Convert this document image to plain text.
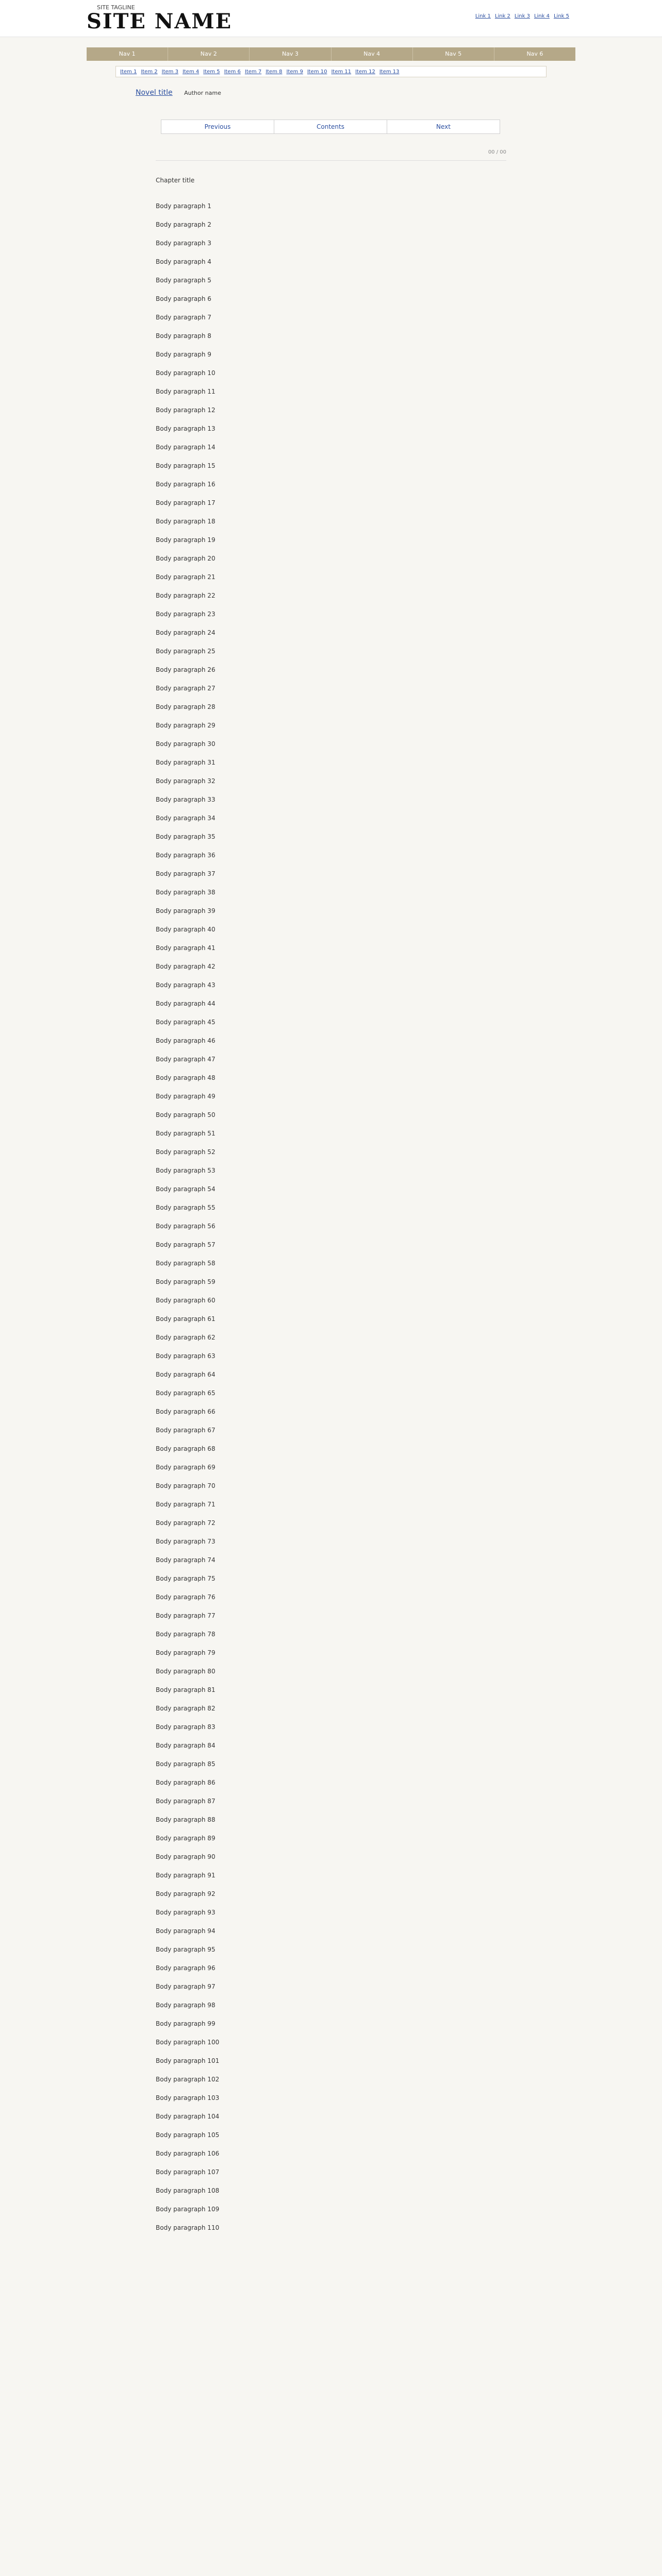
SITE TAGLINE
SITE NAME	Link 1 Link 2 Link 3 Link 4 Link 5
Nav 1	Nav 2	Nav 3	Nav 4	Nav 5	Nav 6
Item 1 Item 2 Item 3 Item 4 Item 5 Item 6 Item 7 Item 8 Item 9 Item 10 Item 11 Item 12 Item 13
Novel title Author name
Previous	Contents	Next
00 / 00

Chapter title

Body paragraph 1

Body paragraph 2

Body paragraph 3

Body paragraph 4

Body paragraph 5

Body paragraph 6

Body paragraph 7

Body paragraph 8

Body paragraph 9

Body paragraph 10

Body paragraph 11

Body paragraph 12

Body paragraph 13

Body paragraph 14

Body paragraph 15

Body paragraph 16

Body paragraph 17

Body paragraph 18

Body paragraph 19

Body paragraph 20

Body paragraph 21

Body paragraph 22

Body paragraph 23

Body paragraph 24

Body paragraph 25

Body paragraph 26

Body paragraph 27

Body paragraph 28

Body paragraph 29

Body paragraph 30

Body paragraph 31

Body paragraph 32

Body paragraph 33

Body paragraph 34

Body paragraph 35

Body paragraph 36

Body paragraph 37

Body paragraph 38

Body paragraph 39

Body paragraph 40

Body paragraph 41

Body paragraph 42

Body paragraph 43

Body paragraph 44

Body paragraph 45

Body paragraph 46

Body paragraph 47

Body paragraph 48

Body paragraph 49

Body paragraph 50

Body paragraph 51

Body paragraph 52

Body paragraph 53

Body paragraph 54

Body paragraph 55

Body paragraph 56

Body paragraph 57

Body paragraph 58

Body paragraph 59

Body paragraph 60

Body paragraph 61

Body paragraph 62

Body paragraph 63

Body paragraph 64

Body paragraph 65

Body paragraph 66

Body paragraph 67

Body paragraph 68

Body paragraph 69

Body paragraph 70

Body paragraph 71

Body paragraph 72

Body paragraph 73

Body paragraph 74

Body paragraph 75

Body paragraph 76

Body paragraph 77

Body paragraph 78

Body paragraph 79

Body paragraph 80

Body paragraph 81

Body paragraph 82

Body paragraph 83

Body paragraph 84

Body paragraph 85

Body paragraph 86

Body paragraph 87

Body paragraph 88

Body paragraph 89

Body paragraph 90

Body paragraph 91

Body paragraph 92

Body paragraph 93

Body paragraph 94

Body paragraph 95

Body paragraph 96

Body paragraph 97

Body paragraph 98

Body paragraph 99

Body paragraph 100

Body paragraph 101

Body paragraph 102

Body paragraph 103

Body paragraph 104

Body paragraph 105

Body paragraph 106

Body paragraph 107

Body paragraph 108

Body paragraph 109

Body paragraph 110
